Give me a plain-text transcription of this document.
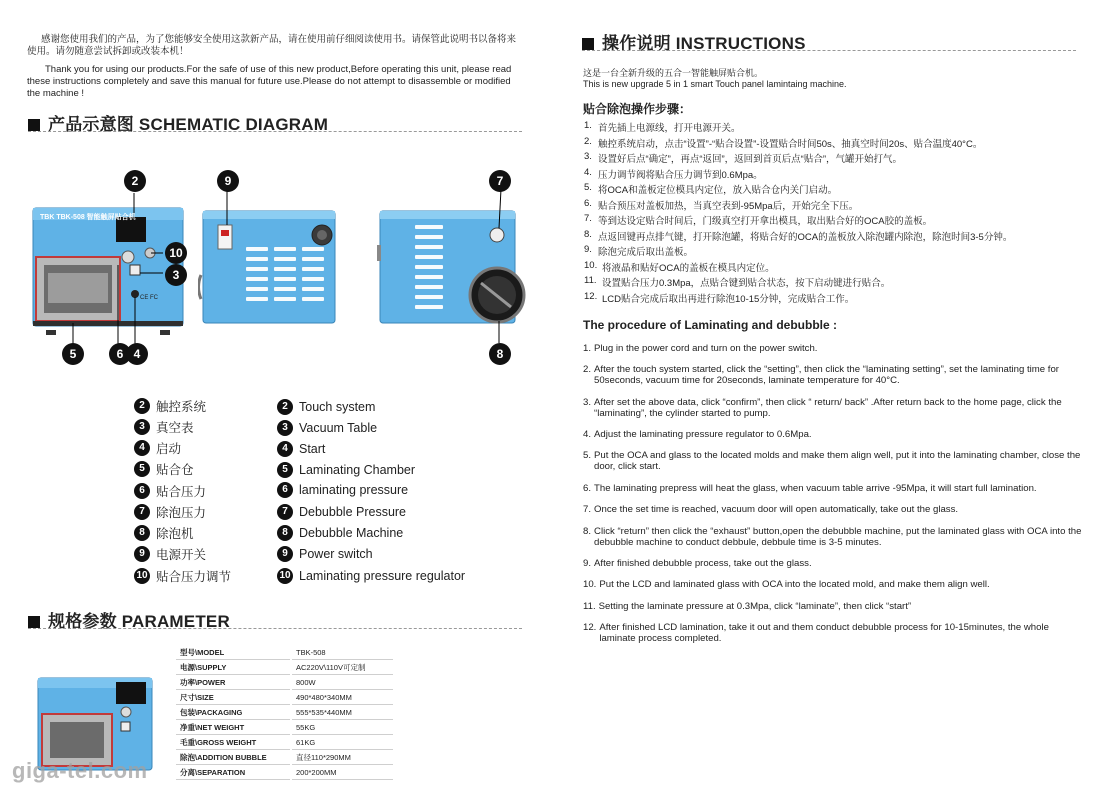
感谢您使用我们的产品，为了您能够安全使用这款新产品，请在使用前仔细阅读使用书。请保管此说明书以备将来使用。请勿随意尝试拆卸或改装本机！
Thank you for using our products.For the safe of use of this new product,Before operating this unit, please read these instructions completely and save this manual for future use.Please do not attempt to disassemble or modified the machine !
产品示意图 SCHEMATIC DIAGRAM
TBK TBK-508 智能触屏贴合机
CE FC
2	9	7
10
3
5	6 4	8
2 触控系统
3 真空表
4 启动
5 贴合仓
6 贴合压力
7 除泡压力
8 除泡机
9 电源开关
10 贴合压力调节
2 Touch system
3 Vacuum Table
4 Start
5 Laminating Chamber
6 laminating pressure
7 Debubble Pressure
8 Debubble Machine
9 Power switch
10 Laminating pressure regulator
规格参数 PARAMETER
型号\MODEL	TBK-508
电源\SUPPLY	AC220V\110V可定制
功率\POWER	800W
尺寸\SIZE	490*480*340MM
包装\PACKAGING	555*535*440MM
净重\NET WEIGHT	55KG
毛重\GROSS WEIGHT	61KG
除泡\ADDITION BUBBLE	直径110*290MM
分离\SEPARATION	200*200MM
giga-tel.com
操作说明 INSTRUCTIONS
这是一台全新升级的五合一智能触屏贴合机。
This is new upgrade 5 in 1 smart Touch panel lamintaing machine.
贴合除泡操作步骤：
1. 首先插上电源线，打开电源开关。
2. 触控系统启动，点击“设置”-“贴合设置”-设置贴合时间50s、抽真空时间20s、贴合温度40°C。
3. 设置好后点“确定”，再点“返回”，返回到首页后点“贴合”，气罐开始打气。
4. 压力调节阀将贴合压力调节到0.6Mpa。
5. 将OCA和盖板定位模具内定位，放入贴合仓内关门启动。
6. 贴合预压对盖板加热，当真空表到-95Mpa后，开始完全下压。
7. 等到达设定贴合时间后，门级真空打开拿出模具，取出贴合好的OCA胶的盖板。
8. 点返回键再点排气键，打开除泡罐，将贴合好的OCA的盖板放入除泡罐内除泡，除泡时间3-5分钟。
9. 除泡完成后取出盖板。
10. 将液晶和贴好OCA的盖板在模具内定位。
11. 设置贴合压力0.3Mpa，点贴合键到贴合状态，按下启动键进行贴合。
12. LCD贴合完成后取出再进行除泡10-15分钟，完成贴合工作。
The procedure of Laminating and debubble :
1. Plug in the power cord and turn on the power switch.
2. After the touch system started, click the “setting”, then click the “laminating setting”, set the laminating time for 50seconds, vacuum time for 20seconds, laminate temperature for 40°C.
3. After set the above data, click “confirm”, then click “ return/ back” .After return back to the home page, click the “laminating”, the cylinder started to pump.
4. Adjust the laminating pressure regulator to 0.6Mpa.
5. Put the OCA and glass to the located molds and make them align well, put it into the laminating chamber, close the door, click start.
6. The laminating prepress will heat the glass, when vacuum table arrive -95Mpa, it will start full lamination.
7. Once the set time is reached, vacuum door will open automatically, take out the glass.
8. Click “return” then click the “exhaust” button,open the debubble machine, put the laminated glass with OCA into the debubble machine to conduct debbule, debbule time is 3-5 minutes.
9. After finished debubble process, take out the glass.
10. Put the LCD and laminated glass with OCA into the located mold, and make them align well.
11. Setting the laminate pressure at 0.3Mpa, click “laminate”, then click “start”
12. After finished LCD lamination, take it out and them conduct debubble process for 10-15minutes, the whole laminate process completed.
